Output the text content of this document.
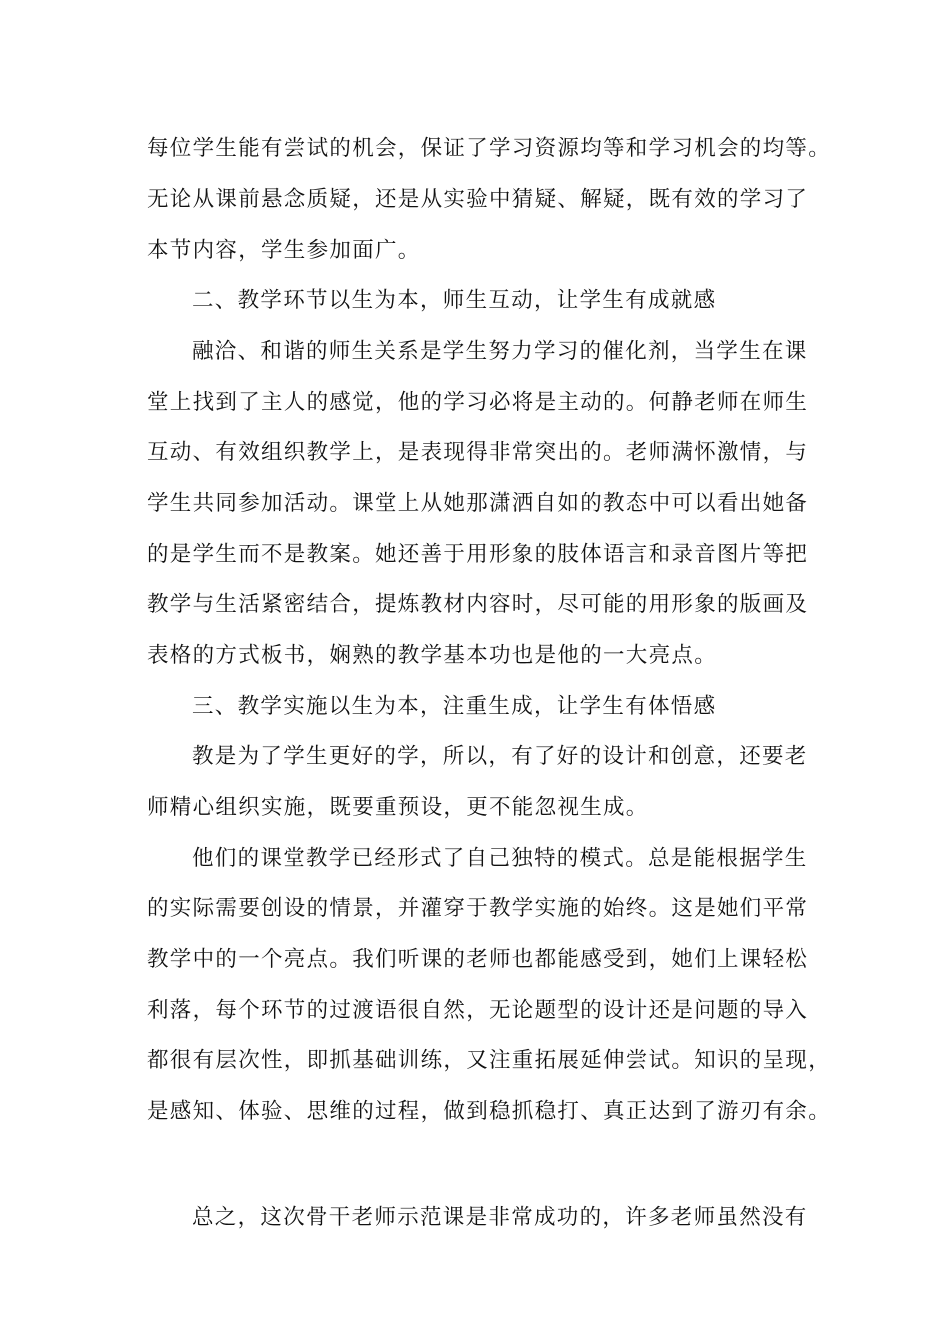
每位学生能有尝试的机会，保证了学习资源均等和学习机会的均等。
无论从课前悬念质疑，还是从实验中猜疑、解疑，既有效的学习了
本节内容，学生参加面广。
二、教学环节以生为本，师生互动，让学生有成就感
融洽、和谐的师生关系是学生努力学习的催化剂，当学生在课
堂上找到了主人的感觉，他的学习必将是主动的。何静老师在师生
互动、有效组织教学上，是表现得非常突出的。老师满怀激情，与
学生共同参加活动。课堂上从她那潇洒自如的教态中可以看出她备
的是学生而不是教案。她还善于用形象的肢体语言和录音图片等把
教学与生活紧密结合，提炼教材内容时，尽可能的用形象的版画及
表格的方式板书，娴熟的教学基本功也是他的一大亮点。
三、教学实施以生为本，注重生成，让学生有体悟感
教是为了学生更好的学，所以，有了好的设计和创意，还要老
师精心组织实施，既要重预设，更不能忽视生成。
他们的课堂教学已经形式了自己独特的模式。总是能根据学生
的实际需要创设的情景，并灌穿于教学实施的始终。这是她们平常
教学中的一个亮点。我们听课的老师也都能感受到，她们上课轻松
利落，每个环节的过渡语很自然，无论题型的设计还是问题的导入
都很有层次性，即抓基础训练，又注重拓展延伸尝试。知识的呈现，
是感知、体验、思维的过程，做到稳抓稳打、真正达到了游刃有余。
总之，这次骨干老师示范课是非常成功的，许多老师虽然没有
